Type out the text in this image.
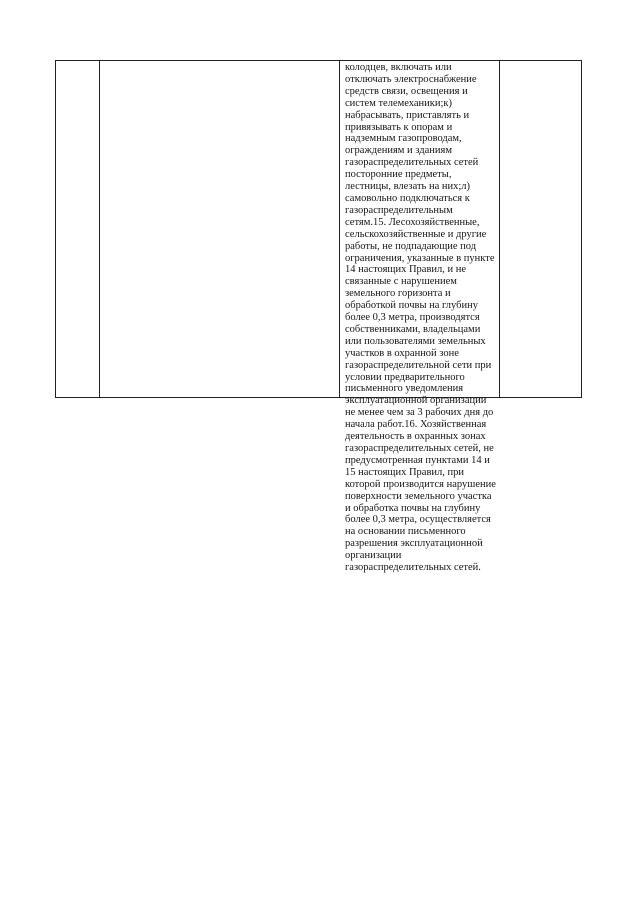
колодцев, включать или отключать электроснабжение средств связи, освещения и систем телемеханики;к) набрасывать, приставлять и привязывать к опорам и надземным газопроводам, ограждениям и зданиям газораспределительных сетей посторонние предметы, лестницы, влезать на них;л) самовольно подключаться к газораспределительным сетям.15. Лесохозяйственные, сельскохозяйственные и другие работы, не подпадающие под ограничения, указанные в пункте 14 настоящих Правил, и не связанные с нарушением земельного горизонта и обработкой почвы на глубину более 0,3 метра, производятся собственниками, владельцами или пользователями земельных участков в охранной зоне газораспределительной сети при условии предварительного письменного уведомления эксплуатационной организации не менее чем за 3 рабочих дня до начала работ.16. Хозяйственная деятельность в охранных зонах газораспределительных сетей, не предусмотренная пунктами 14 и 15 настоящих Правил, при которой производится нарушение поверхности земельного участка и обработка почвы на глубину более 0,3 метра, осуществляется на основании письменного разрешения эксплуатационной организации газораспределительных сетей.
